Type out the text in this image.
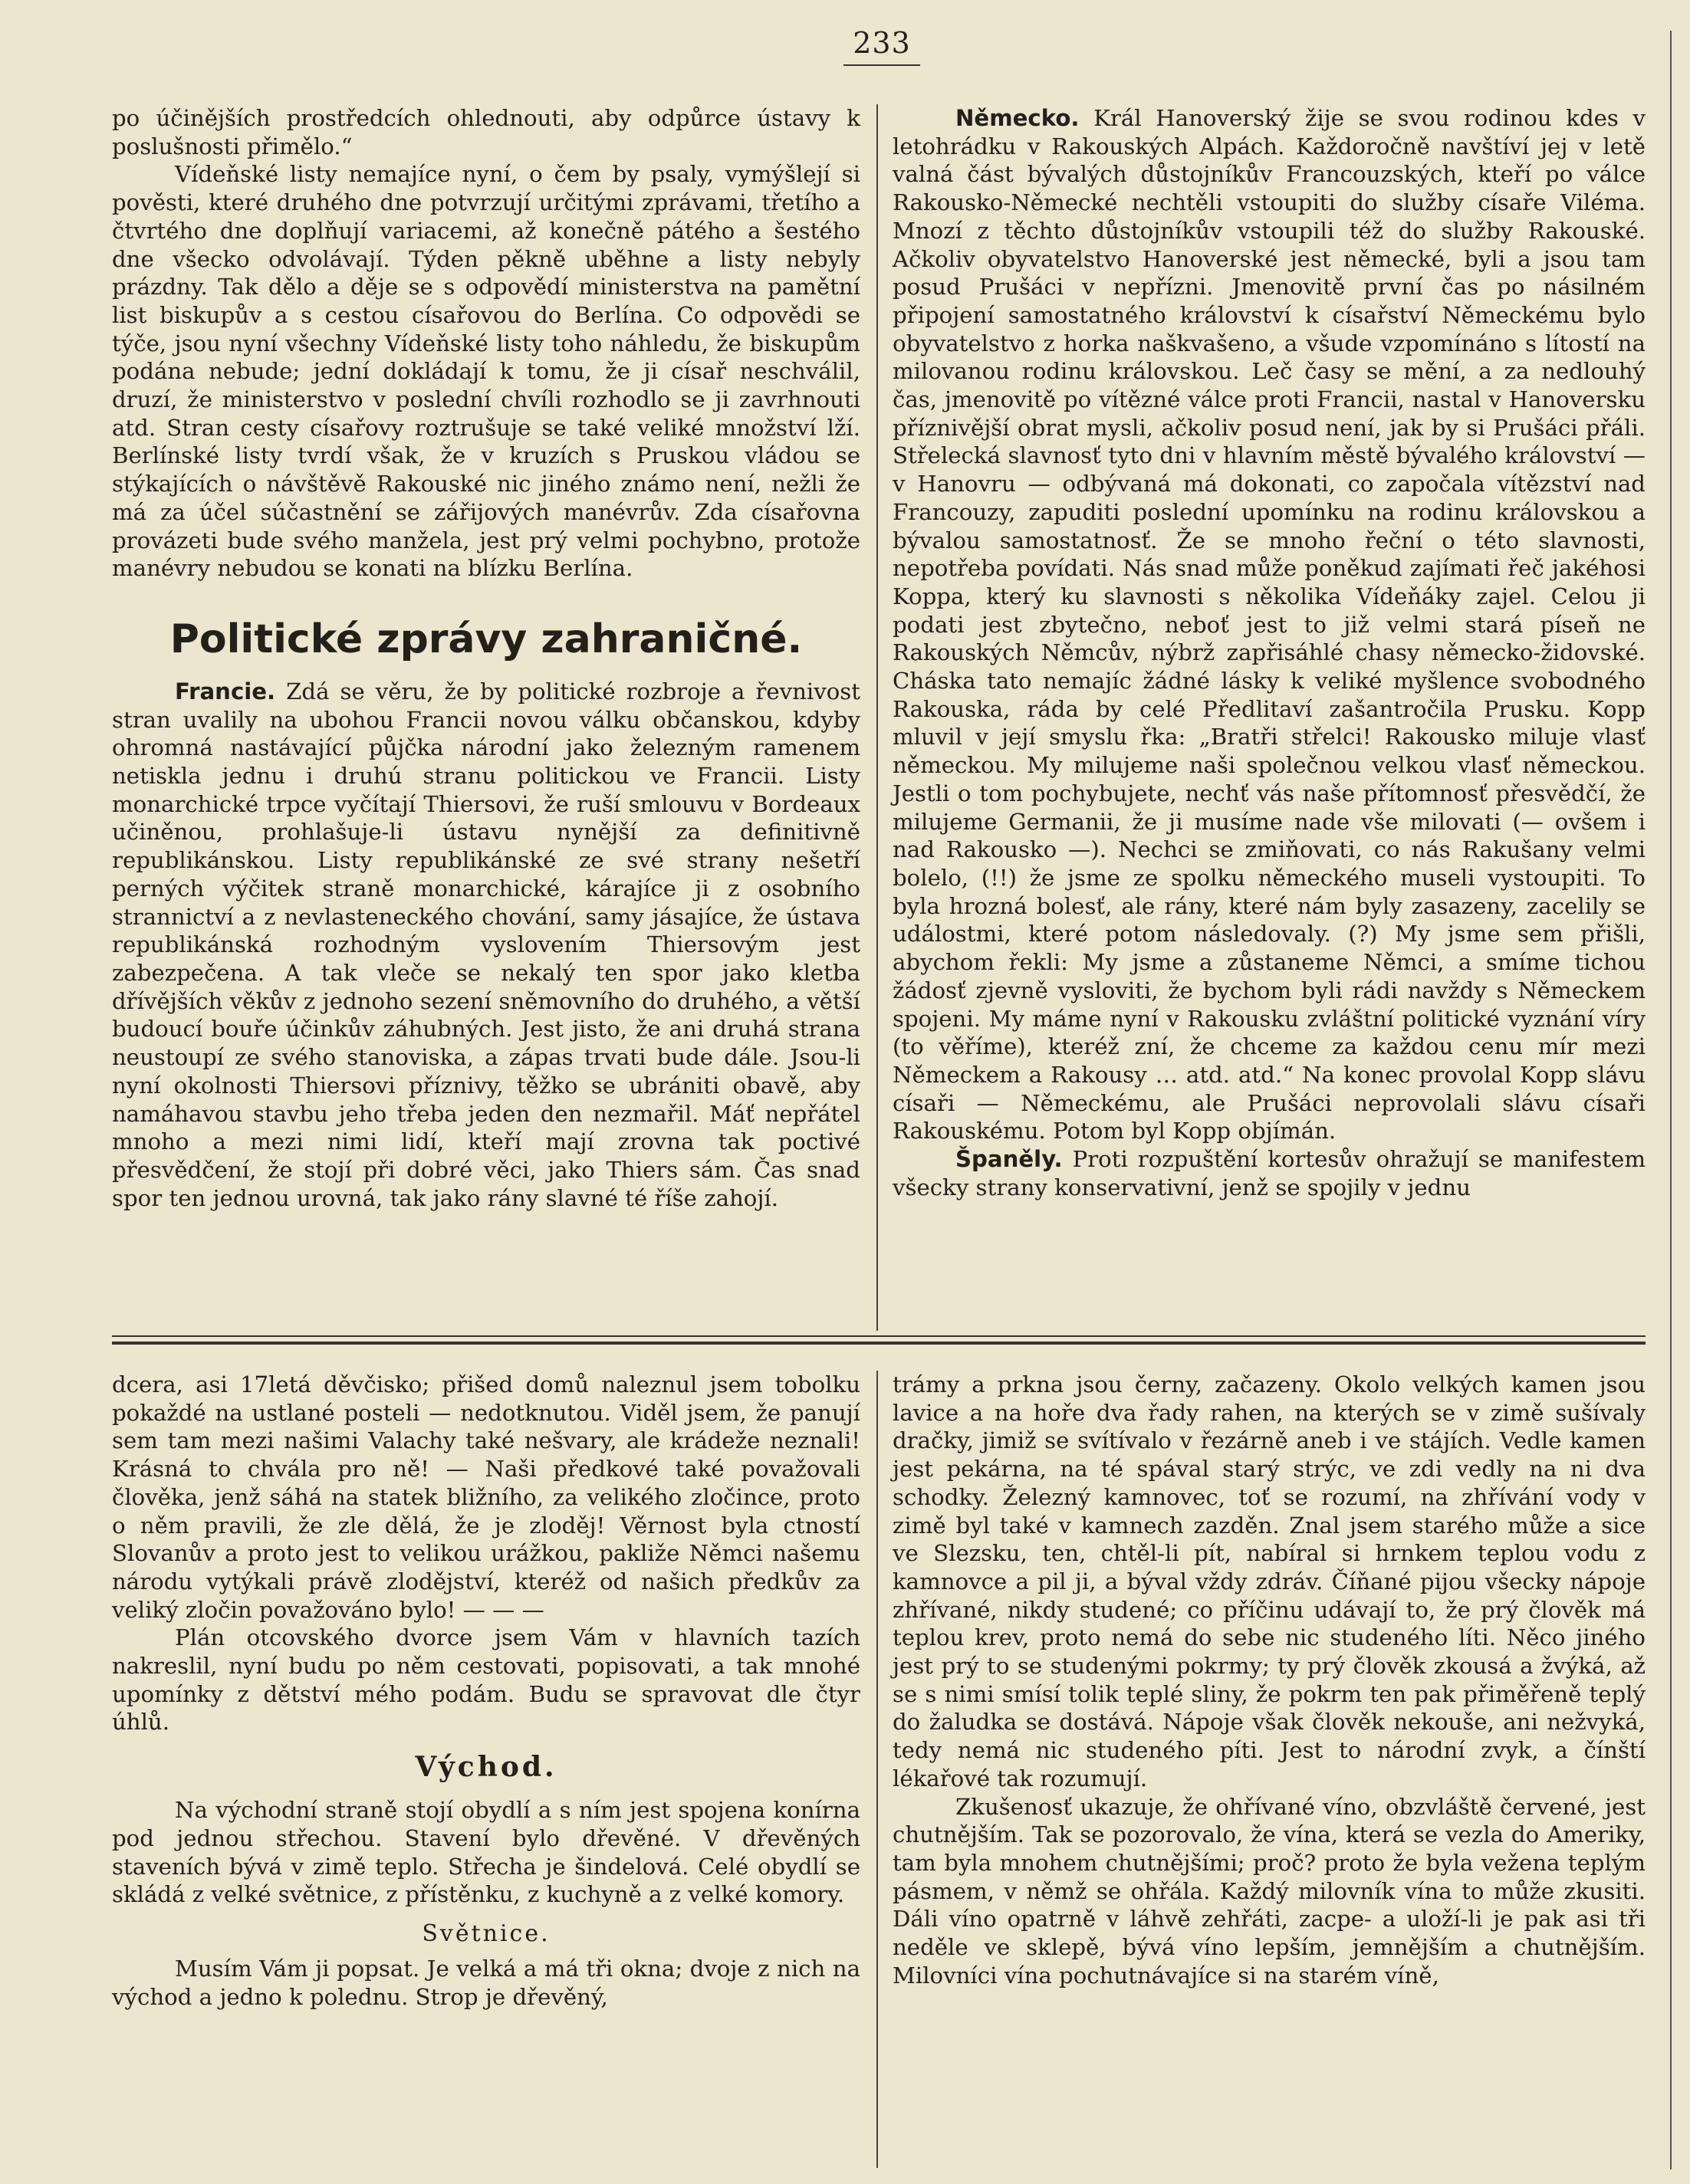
233

po účinějších prostředcích ohlednouti, aby odpůrce ústavy k poslušnosti přimělo.“

Vídeňské listy nemajíce nyní, o čem by psaly, vymýšlejí si pověsti, které druhého dne potvrzují určitými zprávami, třetího a čtvrtého dne doplňují variacemi, až konečně pátého a šestého dne všecko odvolávají. Týden pěkně uběhne a listy nebyly prázdny. Tak dělo a děje se s odpovědí ministerstva na pamětní list biskupův a s cestou císařovou do Berlína. Co odpovědi se týče, jsou nyní všechny Vídeňské listy toho náhledu, že biskupům podána nebude; jední dokládají k tomu, že ji císař neschválil, druzí, že ministerstvo v poslední chvíli rozhodlo se ji zavrhnouti atd. Stran cesty císařovy roztrušuje se také veliké množství lží. Berlínské listy tvrdí však, že v kruzích s Pruskou vládou se stýkajících o návštěvě Rakouské nic jiného známo není, nežli že má za účel súčastnění se zářijových manévrův. Zda císařovna provázeti bude svého manžela, jest prý velmi pochybno, protože manévry nebudou se konati na blízku Berlína.

Politické zprávy zahraničné.

Francie. Zdá se věru, že by politické rozbroje a řevnivost stran uvalily na ubohou Francii novou válku občanskou, kdyby ohromná nastávající půjčka národní jako železným ramenem netiskla jednu i druhú stranu politickou ve Francii. Listy monarchické trpce vyčítají Thiersovi, že ruší smlouvu v Bordeaux učiněnou, prohlašuje-li ústavu nynější za definitivně republikánskou. Listy republikánské ze své strany nešetří perných výčitek straně monarchické, kárajíce ji z osobního strannictví a z nevlasteneckého chování, samy jásajíce, že ústava republikánská rozhodným vyslovením Thiersovým jest zabezpečena. A tak vleče se nekalý ten spor jako kletba dřívějších věkův z jednoho sezení sněmovního do druhého, a větší budoucí bouře účinkův záhubných. Jest jisto, že ani druhá strana neustoupí ze svého stanoviska, a zápas trvati bude dále. Jsou-li nyní okolnosti Thiersovi příznivy, těžko se ubrániti obavě, aby namáhavou stavbu jeho třeba jeden den nezmařil. Máť nepřátel mnoho a mezi nimi lidí, kteří mají zrovna tak poctivé přesvědčení, že stojí při dobré věci, jako Thiers sám. Čas snad spor ten jednou urovná, tak jako rány slavné té říše zahojí.

Německo. Král Hanoverský žije se svou rodinou kdes v letohrádku v Rakouských Alpách. Každoročně navštíví jej v letě valná část bývalých důstojníkův Francouzských, kteří po válce Rakousko-Německé nechtěli vstoupiti do služby císaře Viléma. Mnozí z těchto důstojníkův vstoupili též do služby Rakouské. Ačkoliv obyvatelstvo Hanoverské jest německé, byli a jsou tam posud Prušáci v nepřízni. Jmenovitě první čas po násilném připojení samostatného království k císařství Německému bylo obyvatelstvo z horka naškvašeno, a všude vzpomínáno s lítostí na milovanou rodinu královskou. Leč časy se mění, a za nedlouhý čas, jmenovitě po vítězné válce proti Francii, nastal v Hanoversku příznivější obrat mysli, ačkoliv posud není, jak by si Prušáci přáli. Střelecká slavnosť tyto dni v hlavním městě bývalého království — v Hanovru — odbývaná má dokonati, co započala vítězství nad Francouzy, zapuditi poslední upomínku na rodinu královskou a bývalou samostatnosť. Že se mnoho řeční o této slavnosti, nepotřeba povídati. Nás snad může poněkud zajímati řeč jakéhosi Koppa, který ku slavnosti s několika Vídeňáky zajel. Celou ji podati jest zbytečno, neboť jest to již velmi stará píseň ne Rakouských Němcův, nýbrž zapřisáhlé chasy německo-židovské. Cháska tato nemajíc žádné lásky k veliké myšlence svobodného Rakouska, ráda by celé Předlitaví zašantročila Prusku. Kopp mluvil v její smyslu řka: „Bratři střelci! Rakousko miluje vlasť německou. My milujeme naši společnou velkou vlasť německou. Jestli o tom pochybujete, nechť vás naše přítomnosť přesvědčí, že milujeme Germanii, že ji musíme nade vše milovati (— ovšem i nad Rakousko —). Nechci se zmiňovati, co nás Rakušany velmi bolelo, (!!) že jsme ze spolku německého museli vystoupiti. To byla hrozná bolesť, ale rány, které nám byly zasazeny, zacelily se událostmi, které potom následovaly. (?) My jsme sem přišli, abychom řekli: My jsme a zůstaneme Němci, a smíme tichou žádosť zjevně vysloviti, že bychom byli rádi navždy s Německem spojeni. My máme nyní v Rakousku zvláštní politické vyznání víry (to věříme), kteréž zní, že chceme za každou cenu mír mezi Německem a Rakousy … atd. atd.“ Na konec provolal Kopp slávu císaři — Německému, ale Prušáci neprovolali slávu císaři Rakouskému. Potom byl Kopp objímán.

Španěly. Proti rozpuštění kortesův ohražují se manifestem všecky strany konservativní, jenž se spojily v jednu

dcera, asi 17letá děvčisko; přišed domů naleznul jsem tobolku pokaždé na ustlané posteli — nedotknutou. Viděl jsem, že panují sem tam mezi našimi Valachy také nešvary, ale krádeže neznali! Krásná to chvála pro ně! — Naši předkové také považovali člověka, jenž sáhá na statek bližního, za velikého zločince, proto o něm pravili, že zle dělá, že je zloděj! Věrnost byla ctností Slovanův a proto jest to velikou urážkou, pakliže Němci našemu národu vytýkali právě zlodějství, kteréž od našich předkův za veliký zločin považováno bylo! — — —

Plán otcovského dvorce jsem Vám v hlavních tazích nakreslil, nyní budu po něm cestovati, popisovati, a tak mnohé upomínky z dětství mého podám. Budu se spravovat dle čtyr úhlů.

Východ.

Na východní straně stojí obydlí a s ním jest spojena konírna pod jednou střechou. Stavení bylo dřevěné. V dřevěných staveních bývá v zimě teplo. Střecha je šindelová. Celé obydlí se skládá z velké světnice, z přístěnku, z kuchyně a z velké komory.

Světnice.

Musím Vám ji popsat. Je velká a má tři okna; dvoje z nich na východ a jedno k polednu. Strop je dřevěný,

trámy a prkna jsou černy, začazeny. Okolo velkých kamen jsou lavice a na hoře dva řady rahen, na kterých se v zimě sušívaly dračky, jimiž se svítívalo v řezárně aneb i ve stájích. Vedle kamen jest pekárna, na té spával starý strýc, ve zdi vedly na ni dva schodky. Železný kamnovec, toť se rozumí, na zhřívání vody v zimě byl také v kamnech zazděn. Znal jsem starého může a sice ve Slezsku, ten, chtěl-li pít, nabíral si hrnkem teplou vodu z kamnovce a pil ji, a býval vždy zdráv. Číňané pijou všecky nápoje zhřívané, nikdy studené; co příčinu udávají to, že prý člověk má teplou krev, proto nemá do sebe nic studeného líti. Něco jiného jest prý to se studenými pokrmy; ty prý člověk zkousá a žvýká, až se s nimi smísí tolik teplé sliny, že pokrm ten pak přiměřeně teplý do žaludka se dostává. Nápoje však člověk nekouše, ani nežvyká, tedy nemá nic studeného píti. Jest to národní zvyk, a čínští lékařové tak rozumují.

Zkušenosť ukazuje, že ohřívané víno, obzvláště červené, jest chutnějším. Tak se pozorovalo, že vína, která se vezla do Ameriky, tam byla mnohem chutnějšími; proč? proto že byla vežena teplým pásmem, v němž se ohřála. Každý milovník vína to může zkusiti. Dáli víno opatrně v láhvě zehřáti, zacpe- a uloží-li je pak asi tři neděle ve sklepě, bývá víno lepším, jemnějším a chutnějším. Milovníci vína pochutnávajíce si na starém víně,
